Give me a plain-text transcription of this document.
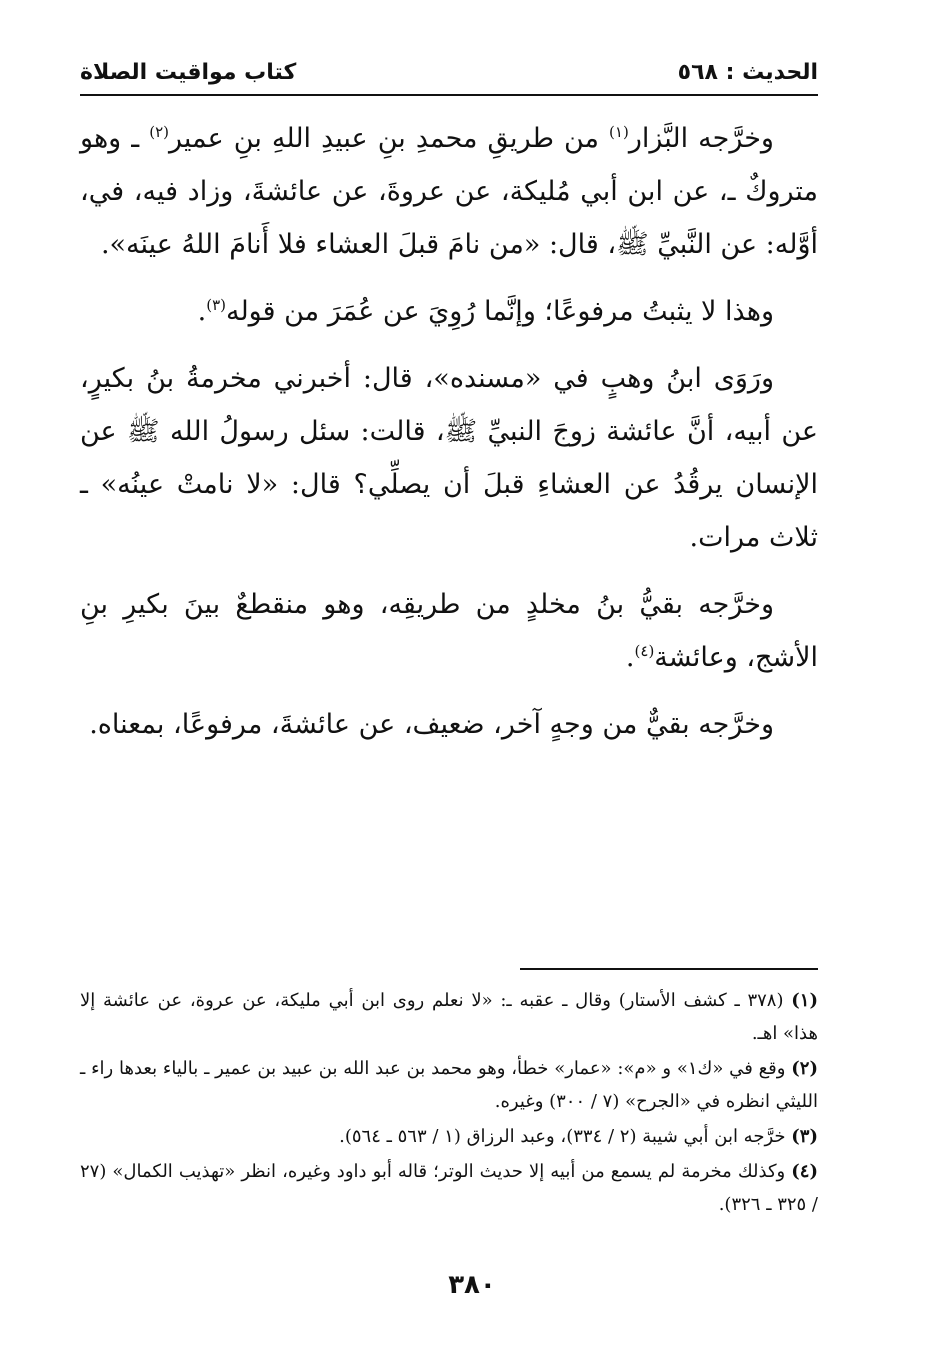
الحديث : ٥٦٨
كتاب مواقيت الصلاة

وخرَّجه البَّزار$^{(١)}$ من طريقِ محمدِ بنِ عبيدِ اللهِ بنِ عمير$^{(٢)}$ ـ وهو متروكٌ ـ، عن ابن أبي مُليكة، عن عروةَ، عن عائشةَ، وزاد فيه، في، أوَّله: عن النَّبيِّ ﷺ، قال: «من نامَ قبلَ العشاء فلا أَنامَ اللهُ عينَه».

وهذا لا يثبتُ مرفوعًا؛ وإنَّما رُوِيَ عن عُمَرَ من قوله$^{(٣)}$.

ورَوَى ابنُ وهبٍ في «مسنده»، قال: أخبرني مخرمةُ بنُ بكيرٍ، عن أبيه، أنَّ عائشة زوجَ النبيِّ ﷺ، قالت: سئل رسولُ الله ﷺ عن الإنسان يرقُدُ عن العشاءِ قبلَ أن يصلِّي؟ قال: «لا نامتْ عينُه» ـ ثلاث مرات.

وخرَّجه بقيُّ بنُ مخلدٍ من طريقِه، وهو منقطعٌ بينَ بكيرِ بنِ الأشج، وعائشة$^{(٤)}$.

وخرَّجه بقيٌّ من وجهٍ آخر، ضعيف، عن عائشةَ، مرفوعًا، بمعناه.

(١) (٣٧٨ ـ كشف الأستار) وقال ـ عقبه ـ: «لا نعلم روى ابن أبي مليكة، عن عروة، عن عائشة إلا هذا» اهـ.
(٢) وقع في «ك١» و «م»: «عمار» خطأ، وهو محمد بن عبد الله بن عبيد بن عمير ـ بالياء بعدها راء ـ الليثي انظره في «الجرح» (٧ / ٣٠٠) وغيره.
(٣) خرَّجه ابن أبي شيبة (٢ / ٣٣٤)، وعبد الرزاق (١ / ٥٦٣ ـ ٥٦٤).
(٤) وكذلك مخرمة لم يسمع من أبيه إلا حديث الوتر؛ قاله أبو داود وغيره، انظر «تهذيب الكمال» (٢٧ / ٣٢٥ ـ ٣٢٦).
٣٨٠
